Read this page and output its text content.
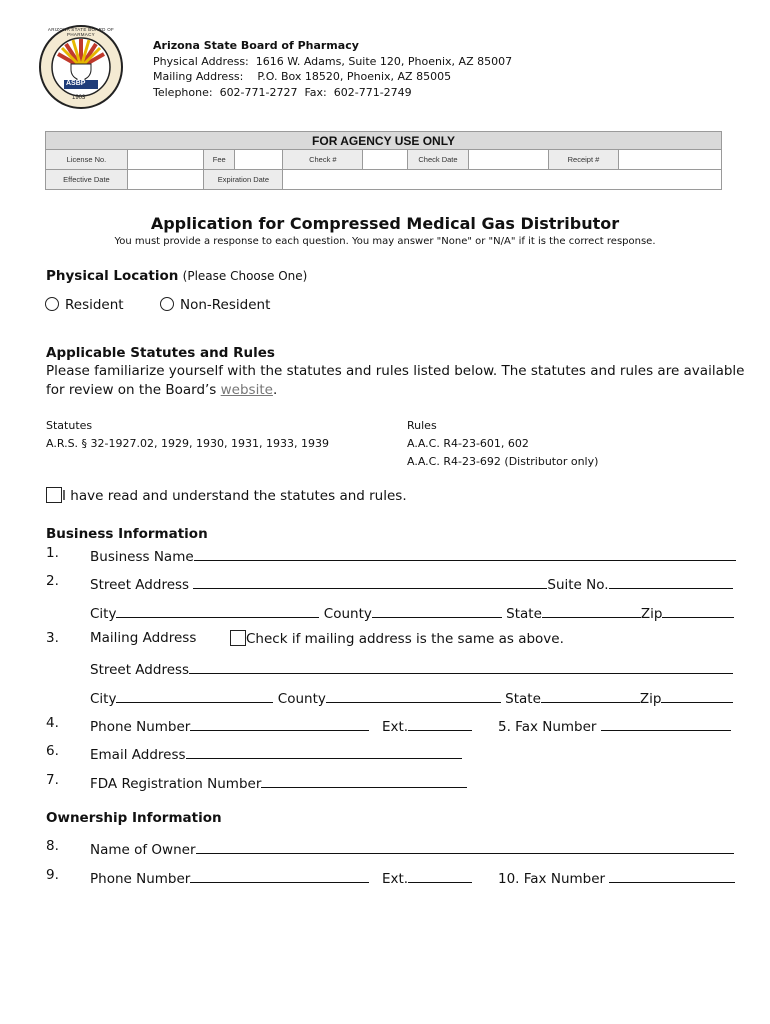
ASBP
1903
ARIZONA STATE BOARD OF PHARMACY
Arizona State Board of Pharmacy
Physical Address:  1616 W. Adams, Suite 120, Phoenix, AZ 85007
Mailing Address:    P.O. Box 18520, Phoenix, AZ 85005
Telephone:  602-771-2727  Fax:  602-771-2749
FOR AGENCY USE ONLY									
License No.		Fee		Check #		Check Date		Receipt #	
Effective Date		Expiration Date							
Application for Compressed Medical Gas Distributor
You must provide a response to each question. You may answer "None" or "N/A" if it is the correct response.
Physical Location (Please Choose One)
Resident	Non-Resident
Applicable Statutes and Rules
Please familiarize yourself with the statutes and rules listed below. The statutes and rules are available
for review on the Board’s website.
Statutes
A.R.S. § 32-1927.02, 1929, 1930, 1931, 1933, 1939
Rules
A.A.C. R4-23-601, 602
A.A.C. R4-23-692 (Distributor only)
I have read and understand the statutes and rules.
Business Information
1. Business Name
2. Street Address	Suite No.
City	County	State	Zip
3. Mailing Address	Check if mailing address is the same as above.
Street Address
City	County	State	Zip
4. Phone Number	Ext.	5. Fax Number
6. Email Address
7. FDA Registration Number
Ownership Information
8. Name of Owner
9. Phone Number	Ext.	10. Fax Number
